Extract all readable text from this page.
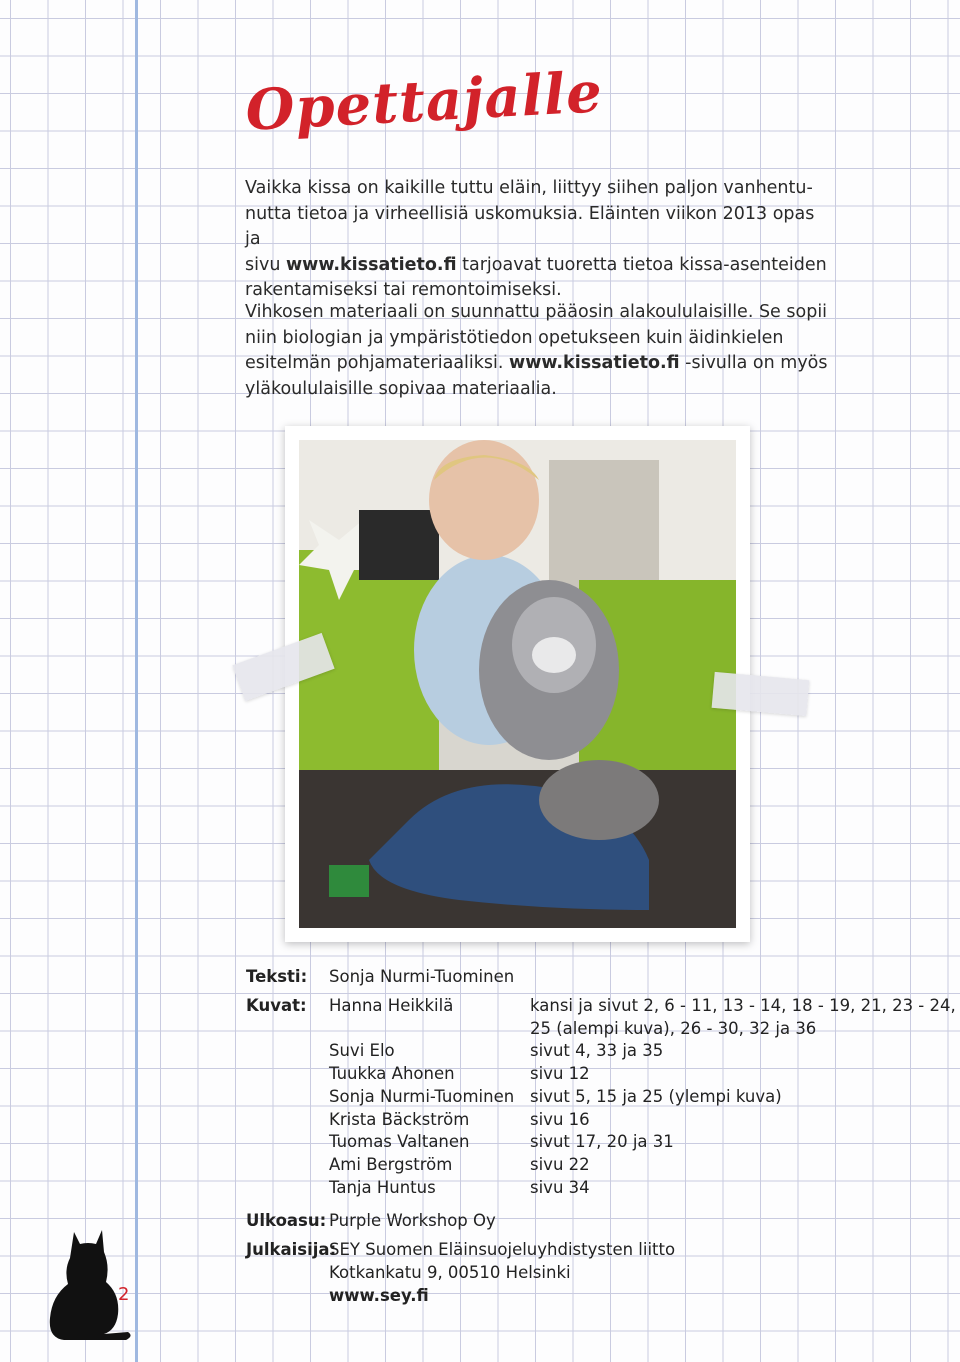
Opettajalle
Vaikka kissa on kaikille tuttu eläin, liittyy siihen paljon vanhentu-
nutta tietoa ja virheellisiä uskomuksia. Eläinten viikon 2013 opas ja
sivu www.kissatieto.fi tarjoavat tuoretta tietoa kissa-asenteiden
rakentamiseksi tai remontoimiseksi.
Vihkosen materiaali on suunnattu pääosin alakoululaisille. Se sopii
niin biologian ja ympäristötiedon opetukseen kuin äidinkielen
esitelmän pohjamateriaaliksi. www.kissatieto.fi -sivulla on myös
yläkoululaisille sopivaa materiaalia.
Teksti: Sonja Nurmi-Tuominen
Kuvat: Hanna Heikkilä	kansi ja sivut 2, 6 - 11, 13 - 14, 18 - 19, 21, 23 - 24,
25 (alempi kuva), 26 - 30, 32 ja 36
Suvi Elo	sivut 4, 33 ja 35
Tuukka Ahonen	sivu 12
Sonja Nurmi-Tuominen sivut 5, 15 ja 25 (ylempi kuva)
Krista Bäckström	sivu 16
Tuomas Valtanen	sivut 17, 20 ja 31
Ami Bergström	sivu 22
Tanja Huntus	sivu 34
Ulkoasu: Purple Workshop Oy
Julkaisija:
SEY Suomen Eläinsuojeluyhdistysten liitto
Kotkankatu 9, 00510 Helsinki
www.sey.fi
2
